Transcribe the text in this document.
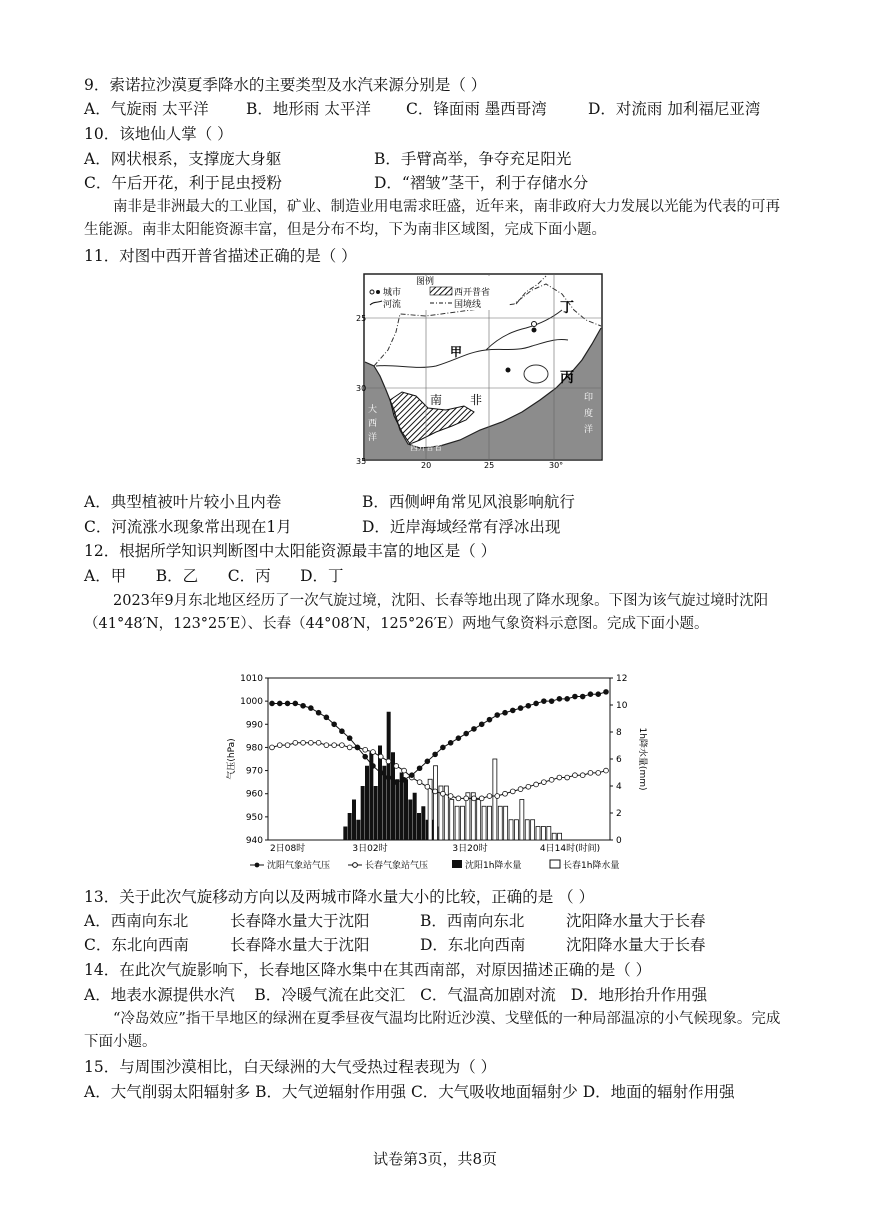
9．索诺拉沙漠夏季降水的主要类型及水汽来源分别是（ ）
A．气旋雨 太平洋 B．地形雨 太平洋 C．锋面雨 墨西哥湾	D．对流雨 加利福尼亚湾
10．该地仙人掌（ ）
A．网状根系，支撑庞大身躯	B．手臂高举，争夺充足阳光
C．午后开花，利于昆虫授粉	D．“褶皱”茎干，利于存储水分
南非是非洲最大的工业国，矿业、制造业用电需求旺盛，近年来，南非政府大力发展以光能为代表的可再生能源。南非太阳能资源丰富，但是分布不均，下为南非区域图，完成下面小题。
11．对图中西开普省描述正确的是（ ）
图例
城市	西开普省
河流	国境线	丁
甲
丙
南 非
西开普省
大
西
洋
印
度
洋
25
30
35	20	25	30°
A．典型植被叶片较小且内卷	B．西侧岬角常见风浪影响航行
C．河流涨水现象常出现在1月	D．近岸海域经常有浮冰出现
12．根据所学知识判断图中太阳能资源最丰富的地区是（ ）
A．甲      B．乙      C．丙      D．丁
2023年9月东北地区经历了一次气旋过境，沈阳、长春等地出现了降水现象。下图为该气旋过境时沈阳（41°48′N，123°25′E）、长春（44°08′N，125°26′E）两地气象资料示意图。完成下面小题。
940
950
960
970
980
990
1000
1010
0
2
4
6
8
10
12
气压(hPa)	1h降水量(mm)
2日08时	3日02时	3日20时	4日14时(时间)
沈阳气象站气压	长春气象站气压	沈阳1h降水量	长春1h降水量
13．关于此次气旋移动方向以及两城市降水量大小的比较，正确的是 （ ）
A．西南向东北	长春降水量大于沈阳	B．西南向东北	沈阳降水量大于长春
C．东北向西南	长春降水量大于沈阳	D．东北向西南	沈阳降水量大于长春
14．在此次气旋影响下，长春地区降水集中在其西南部，对原因描述正确的是（ ）
A．地表水源提供水汽    B．冷暖气流在此交汇   C．气温高加剧对流   D．地形抬升作用强
“冷岛效应”指干旱地区的绿洲在夏季昼夜气温均比附近沙漠、戈壁低的一种局部温凉的小气候现象。完成下面小题。
15．与周围沙漠相比，白天绿洲的大气受热过程表现为（ ）
A．大气削弱太阳辐射多 B．大气逆辐射作用强 C．大气吸收地面辐射少 D．地面的辐射作用强
试卷第3页，共8页
